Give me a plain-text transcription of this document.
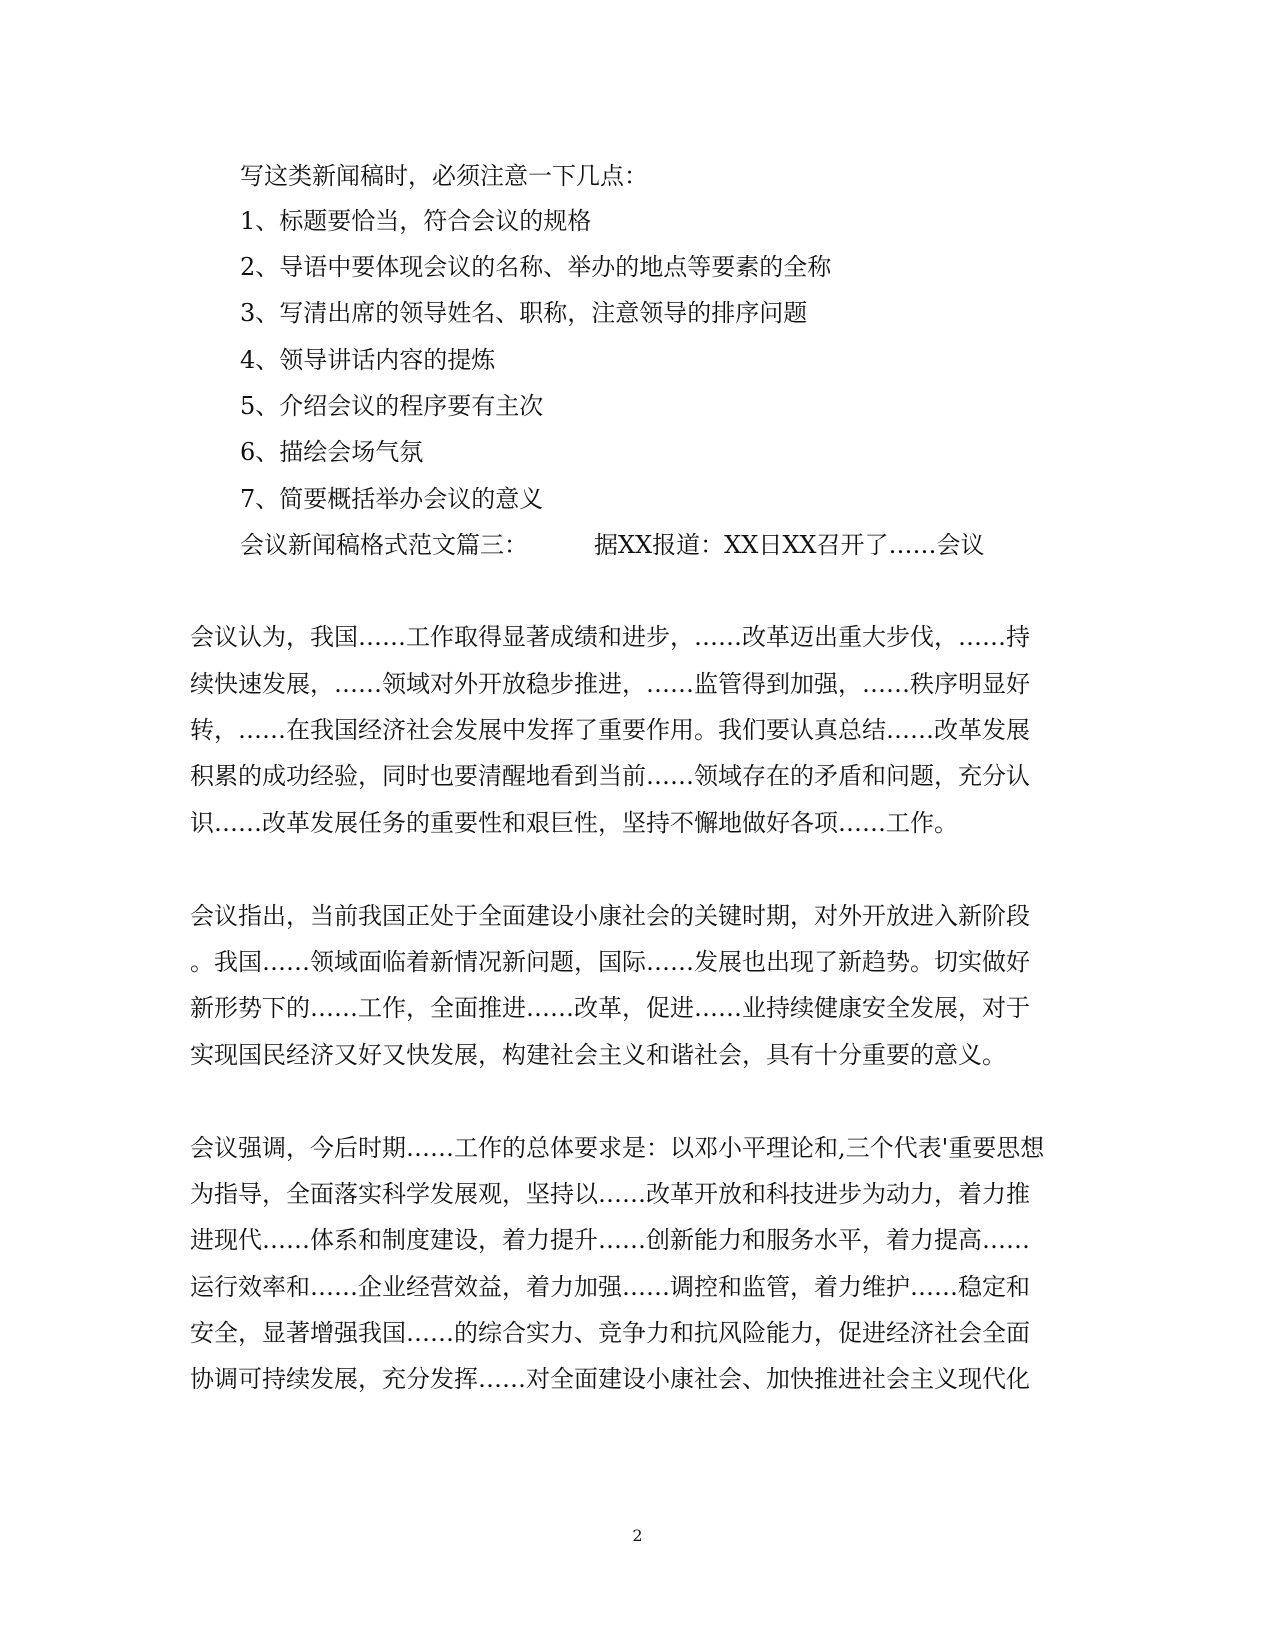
写这类新闻稿时，必须注意一下几点：
1、标题要恰当，符合会议的规格
2、导语中要体现会议的名称、举办的地点等要素的全称
3、写清出席的领导姓名、职称，注意领导的排序问题
4、领导讲话内容的提炼
5、介绍会议的程序要有主次
6、描绘会场气氛
7、简要概括举办会议的意义
会议新闻稿格式范文篇三：	据XX报道：XX日XX召开了……会议
会议认为，我国……工作取得显著成绩和进步，……改革迈出重大步伐，……持
续快速发展，……领域对外开放稳步推进，……监管得到加强，……秩序明显好
转，……在我国经济社会发展中发挥了重要作用。我们要认真总结……改革发展
积累的成功经验，同时也要清醒地看到当前……领域存在的矛盾和问题，充分认
识……改革发展任务的重要性和艰巨性，坚持不懈地做好各项……工作。
会议指出，当前我国正处于全面建设小康社会的关键时期，对外开放进入新阶段
。我国……领域面临着新情况新问题，国际……发展也出现了新趋势。切实做好
新形势下的……工作，全面推进……改革，促进……业持续健康安全发展，对于
实现国民经济又好又快发展，构建社会主义和谐社会，具有十分重要的意义。
会议强调，今后时期……工作的总体要求是：以邓小平理论和,三个代表'重要思想
为指导，全面落实科学发展观，坚持以……改革开放和科技进步为动力，着力推
进现代……体系和制度建设，着力提升……创新能力和服务水平，着力提高……
运行效率和……企业经营效益，着力加强……调控和监管，着力维护……稳定和
安全，显著增强我国……的综合实力、竞争力和抗风险能力，促进经济社会全面
协调可持续发展，充分发挥……对全面建设小康社会、加快推进社会主义现代化
2
